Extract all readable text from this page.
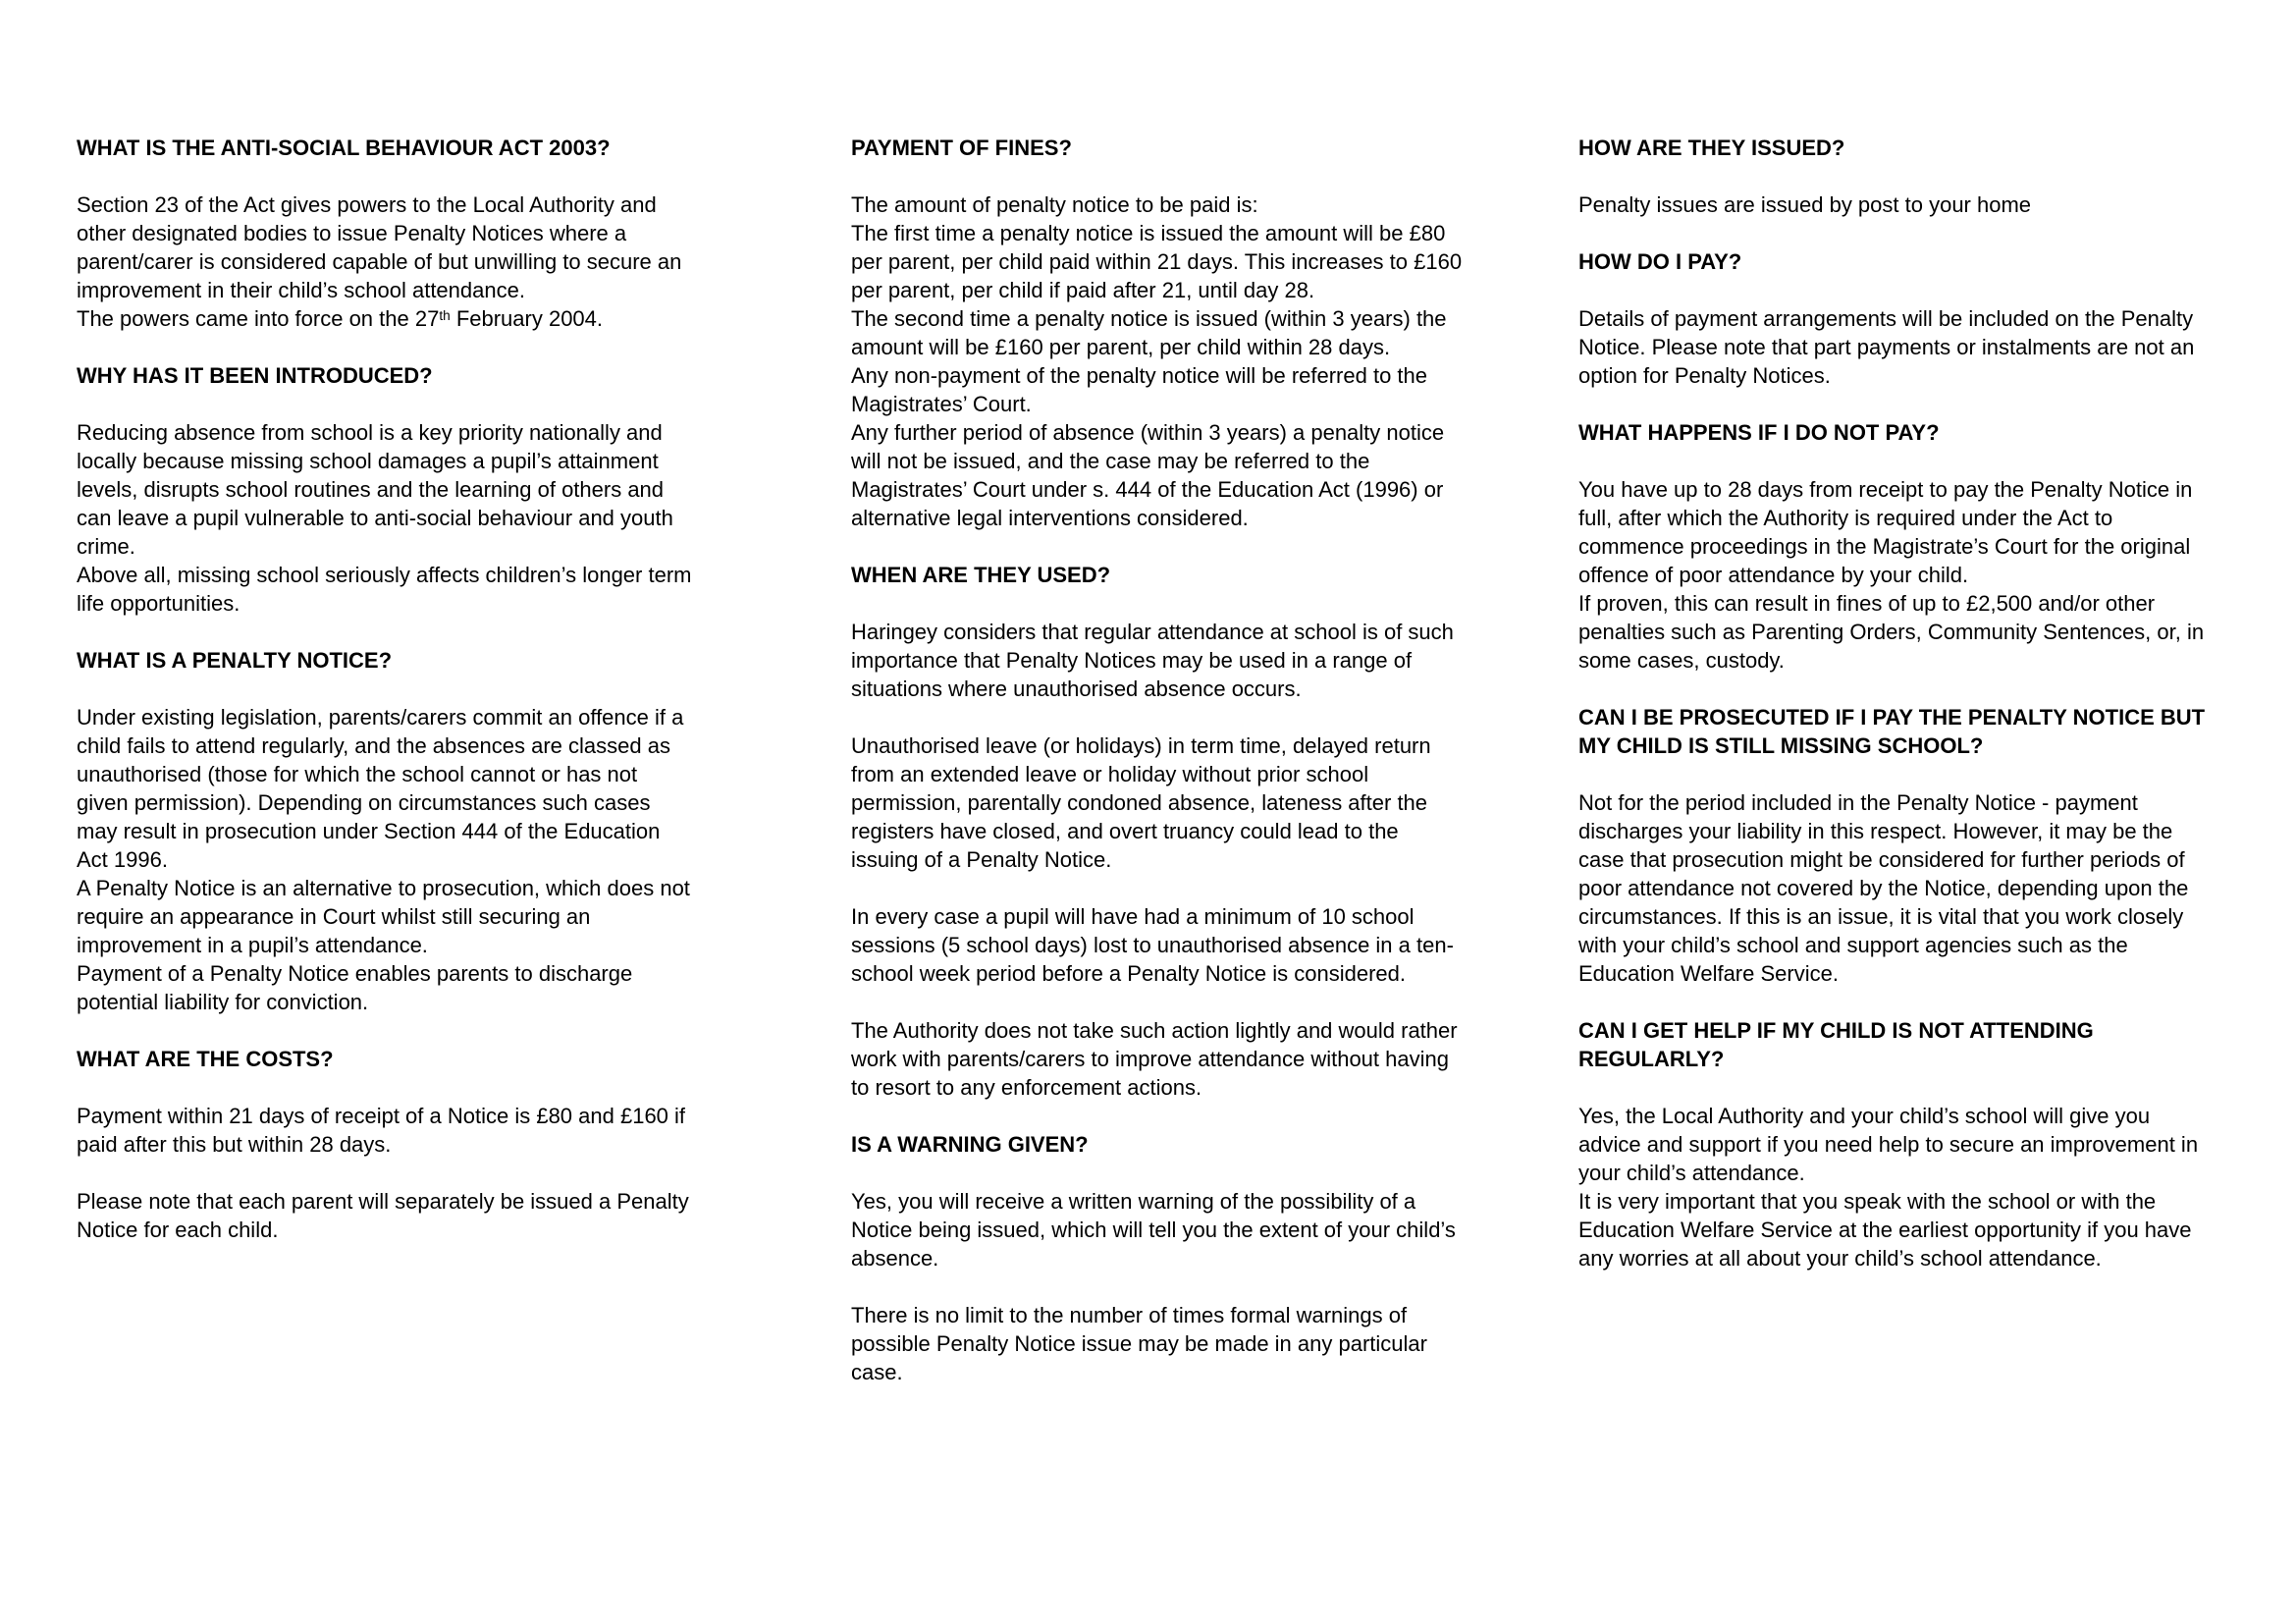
WHAT IS THE ANTI-SOCIAL BEHAVIOUR ACT 2003?
Section 23 of the Act gives powers to the Local Authority and other designated bodies to issue Penalty Notices where a parent/carer is considered capable of but unwilling to secure an improvement in their child’s school attendance.
The powers came into force on the 27th February 2004.
WHY HAS IT BEEN INTRODUCED?
Reducing absence from school is a key priority nationally and locally because missing school damages a pupil’s attainment levels, disrupts school routines and the learning of others and can leave a pupil vulnerable to anti-social behaviour and youth crime.
Above all, missing school seriously affects children’s longer term life opportunities.
WHAT IS A PENALTY NOTICE?
Under existing legislation, parents/carers commit an offence if a child fails to attend regularly, and the absences are classed as unauthorised (those for which the school cannot or has not given permission). Depending on circumstances such cases may result in prosecution under Section 444 of the Education Act 1996.
A Penalty Notice is an alternative to prosecution, which does not require an appearance in Court whilst still securing an improvement in a pupil’s attendance.
Payment of a Penalty Notice enables parents to discharge potential liability for conviction.
WHAT ARE THE COSTS?
Payment within 21 days of receipt of a Notice is £80 and £160 if paid after this but within 28 days.
Please note that each parent will separately be issued a Penalty Notice for each child.
PAYMENT OF FINES?
The amount of penalty notice to be paid is:
The first time a penalty notice is issued the amount will be £80 per parent, per child paid within 21 days. This increases to £160 per parent, per child if paid after 21, until day 28.
The second time a penalty notice is issued (within 3 years) the amount will be £160 per parent, per child within 28 days.
Any non-payment of the penalty notice will be referred to the Magistrates’ Court.
Any further period of absence (within 3 years) a penalty notice will not be issued, and the case may be referred to the Magistrates’ Court under s. 444 of the Education Act (1996) or alternative legal interventions considered.
WHEN ARE THEY USED?
Haringey considers that regular attendance at school is of such importance that Penalty Notices may be used in a range of situations where unauthorised absence occurs.
Unauthorised leave (or holidays) in term time, delayed return from an extended leave or holiday without prior school permission, parentally condoned absence, lateness after the registers have closed, and overt truancy could lead to the issuing of a Penalty Notice.
In every case a pupil will have had a minimum of 10 school sessions (5 school days) lost to unauthorised absence in a ten-school week period before a Penalty Notice is considered.
The Authority does not take such action lightly and would rather work with parents/carers to improve attendance without having to resort to any enforcement actions.
IS A WARNING GIVEN?
Yes, you will receive a written warning of the possibility of a Notice being issued, which will tell you the extent of your child’s absence.
There is no limit to the number of times formal warnings of possible Penalty Notice issue may be made in any particular case.
HOW ARE THEY ISSUED?
Penalty issues are issued by post to your home
HOW DO I PAY?
Details of payment arrangements will be included on the Penalty Notice. Please note that part payments or instalments are not an option for Penalty Notices.
WHAT HAPPENS IF I DO NOT PAY?
You have up to 28 days from receipt to pay the Penalty Notice in full, after which the Authority is required under the Act to commence proceedings in the Magistrate’s Court for the original offence of poor attendance by your child.
If proven, this can result in fines of up to £2,500 and/or other penalties such as Parenting Orders, Community Sentences, or, in some cases, custody.
CAN I BE PROSECUTED IF I PAY THE PENALTY NOTICE BUT MY CHILD IS STILL MISSING SCHOOL?
Not for the period included in the Penalty Notice - payment discharges your liability in this respect. However, it may be the case that prosecution might be considered for further periods of poor attendance not covered by the Notice, depending upon the circumstances. If this is an issue, it is vital that you work closely with your child’s school and support agencies such as the Education Welfare Service.
CAN I GET HELP IF MY CHILD IS NOT ATTENDING REGULARLY?
Yes, the Local Authority and your child’s school will give you advice and support if you need help to secure an improvement in your child’s attendance.
It is very important that you speak with the school or with the Education Welfare Service at the earliest opportunity if you have any worries at all about your child’s school attendance.
